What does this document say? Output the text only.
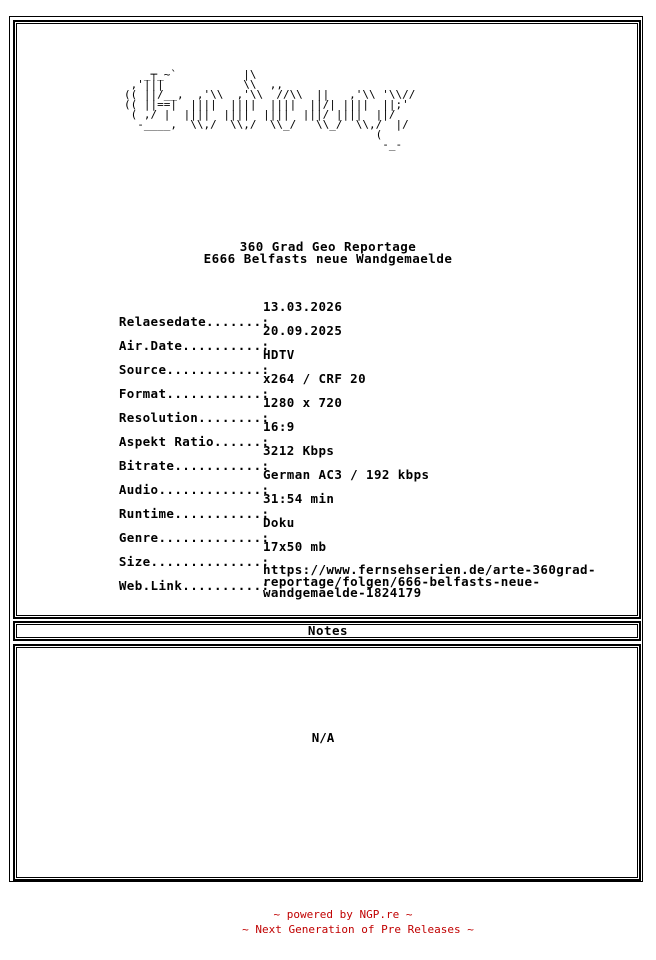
_┬_~`          |\
,'|||            \\  ,,
(( ||/__,  ,'\\  ,'\\  //\\  ||   ,'\\ '\\//
(( ||==|  ||||  ||||  ||||  ||/| ||||  ||;'
( ,/ |  ||||  ||||  ||||  |||/ ||||  ||/
-____,  \\,/  \\,/  \\_/   \\_/  \\,/  |/
(
-_-
360 Grad Geo Reportage
E666 Belfasts neue Wandgemaelde

Relaesedate.......:
13.03.2026

Air.Date..........:
20.09.2025

Source............:
HDTV

Format............:
x264 / CRF 20

Resolution........:
1280 x 720

Aspekt Ratio......:
16:9

Bitrate...........:
3212 Kbps

Audio.............:
German AC3 / 192 kbps

Runtime...........:
31:54 min

Genre.............:
Doku

Size..............:
17x50 mb

Web.Link..........:

https://www.fernsehserien.de/arte-360grad-
reportage/folgen/666-belfasts-neue-
wandgemaelde-1824179
Notes
N/A
~ powered by NGP.re ~
~ Next Generation of Pre Releases ~
